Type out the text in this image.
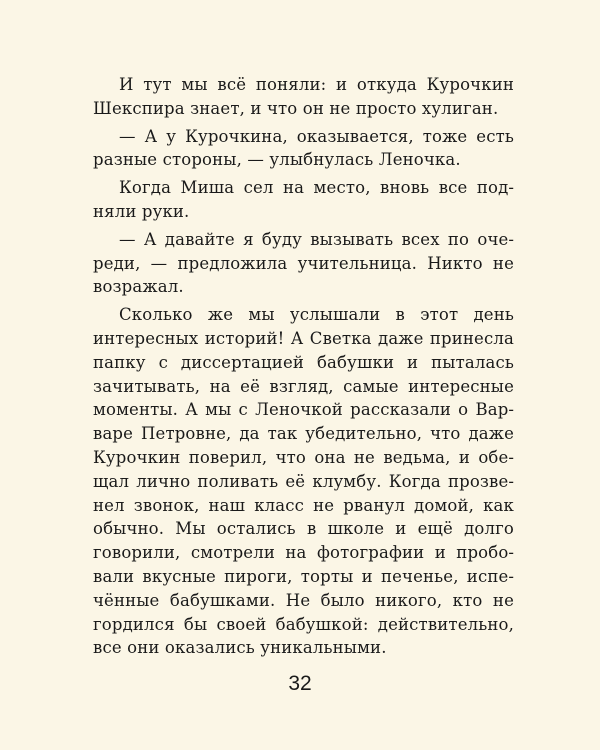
И тут мы всё поняли: и откуда Курочкин Шекспира знает, и что он не просто хулиган.

— А у Курочкина, оказывается, тоже есть разные стороны, — улыбнулась Леночка.

Когда Миша сел на место, вновь все подняли руки.

— А давайте я буду вызывать всех по очереди, — предложила учительница. Никто не возражал.

Сколько же мы услышали в этот день интересных историй! А Светка даже принесла папку с диссертацией бабушки и пыталась зачитывать, на её взгляд, самые интересные моменты. А мы с Леночкой рассказали о Варваре Петровне, да так убедительно, что даже Курочкин поверил, что она не ведьма, и обещал лично поливать её клумбу. Когда прозвенел звонок, наш класс не рванул домой, как обычно. Мы остались в школе и ещё долго говорили, смотрели на фотографии и пробовали вкусные пироги, торты и печенье, испечённые бабушками. Не было никого, кто не гордился бы своей бабушкой: действительно, все они оказались уникальными.

32
